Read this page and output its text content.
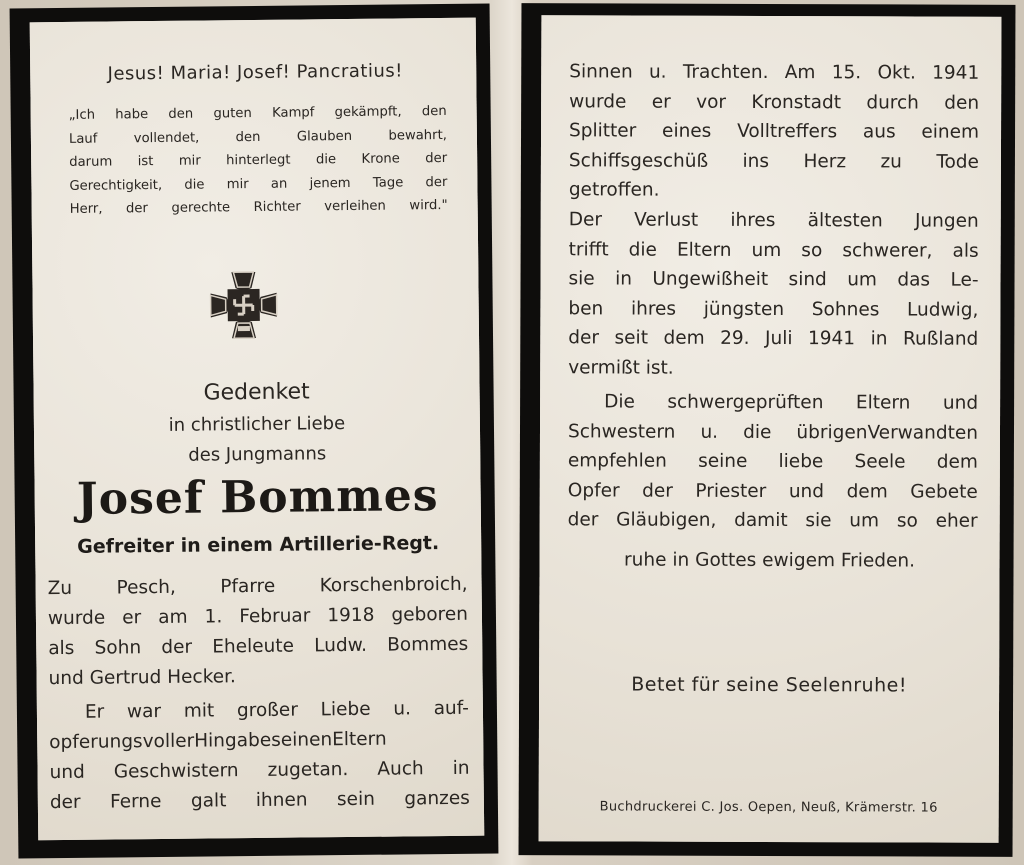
Jesus! Maria! Josef! Pancratius!
„Ich habe den guten Kampf gekämpft, den
Lauf vollendet, den Glauben bewahrt,
darum ist mir hinterlegt die Krone der
Gerechtigkeit, die mir an jenem Tage der
Herr, der gerechte Richter verleihen wird."
Gedenket
in christlicher Liebe
des Jungmanns
Josef Bommes
Gefreiter in einem Artillerie-Regt.
Zu Pesch, Pfarre Korschenbroich,
wurde er am 1. Februar 1918 geboren
als Sohn der Eheleute Ludw. Bommes
und Gertrud Hecker.
Er war mit großer Liebe u. auf-
opferungsvollerHingabeseinenEltern
und Geschwistern zugetan. Auch in
der Ferne galt ihnen sein ganzes
Sinnen u. Trachten. Am 15. Okt. 1941
wurde er vor Kronstadt durch den
Splitter eines Volltreffers aus einem
Schiffsgeschüß ins Herz zu Tode
getroffen.
Der Verlust ihres ältesten Jungen
trifft die Eltern um so schwerer, als
sie in Ungewißheit sind um das Le-
ben ihres jüngsten Sohnes Ludwig,
der seit dem 29. Juli 1941 in Rußland
vermißt ist.
Die schwergeprüften Eltern und
Schwestern u. die übrigenVerwandten
empfehlen seine liebe Seele dem
Opfer der Priester und dem Gebete
der Gläubigen, damit sie um so eher
ruhe in Gottes ewigem Frieden.
Betet für seine Seelenruhe!
Buchdruckerei C. Jos. Oepen, Neuß, Krämerstr. 16
